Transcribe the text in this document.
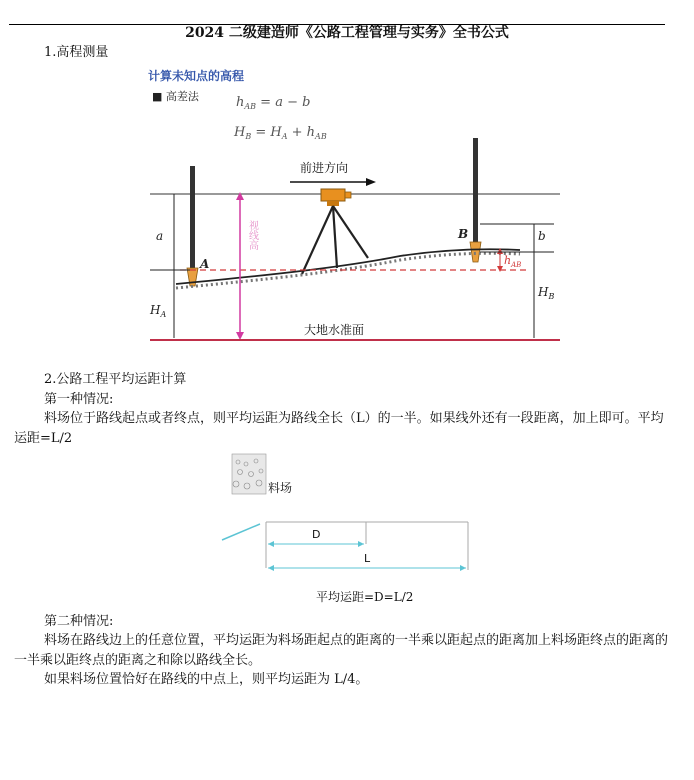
2024 二级建造师《公路工程管理与实务》全书公式
1.高程测量
计算未知点的高程
■ 高差法	$h_{AB} = a - b$
$H_B = H_A + h_{AB}$
前进方向
a
$H_A$
A
B
视线高	b
$h_{AB}$
$H_B$
大地水准面
2.公路工程平均运距计算
第一种情况:
料场位于路线起点或者终点，则平均运距为路线全长（L）的一半。如果线外还有一段距离，加上即可。平均运距=L/2
料场
D
L
平均运距=D=L/2
第二种情况:
料场在路线边上的任意位置，平均运距为料场距起点的距离的一半乘以距起点的距离加上料场距终点的距离的一半乘以距终点的距离之和除以路线全长。
如果料场位置恰好在路线的中点上，则平均运距为 L/4。
